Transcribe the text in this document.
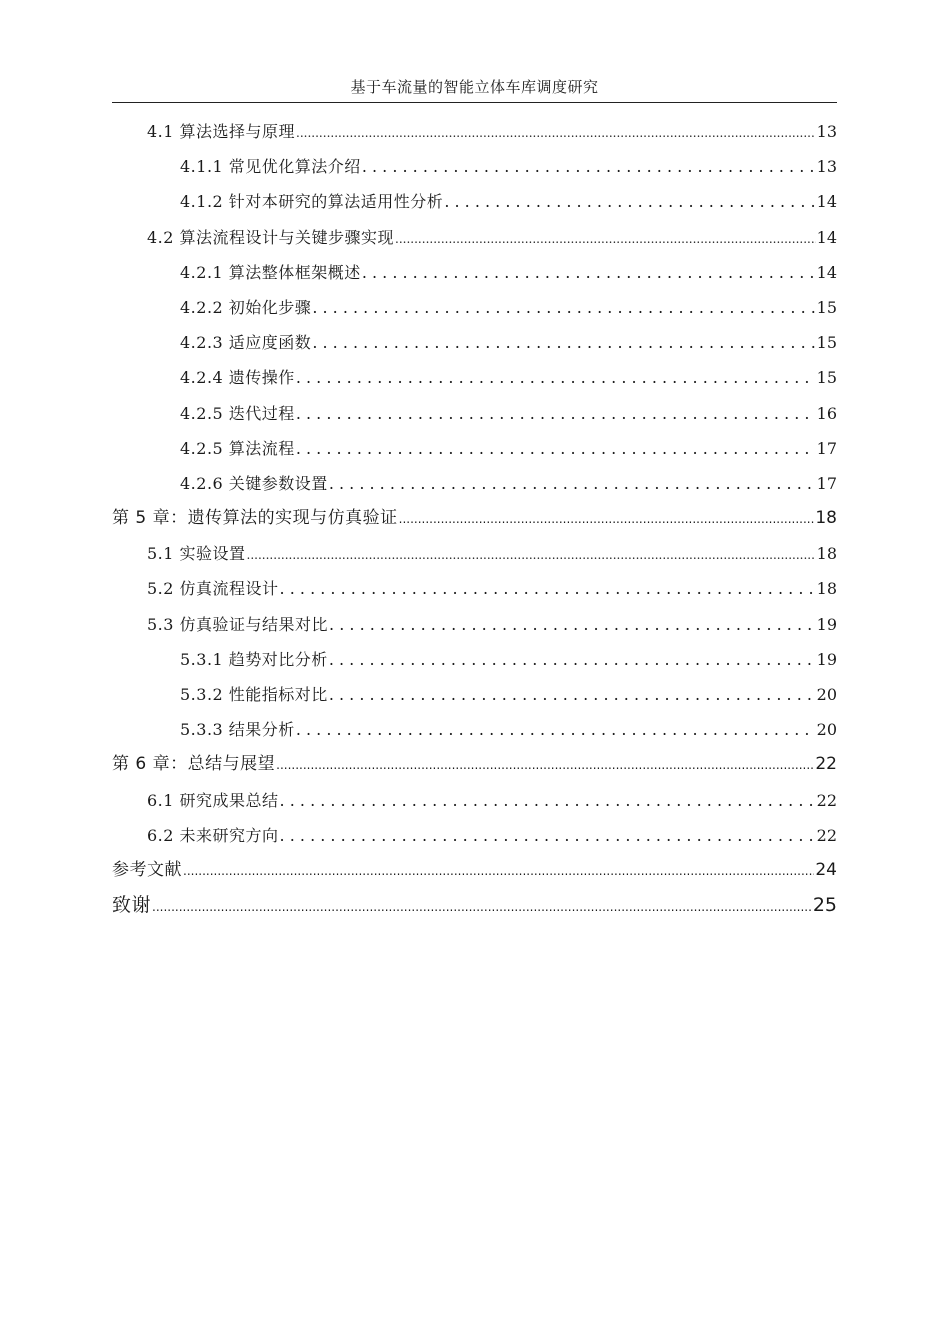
基于车流量的智能立体车库调度研究
4.1 算法选择与原理 .....	13
4.1.1 常见优化算法介绍 . . .	13
4.1.2 针对本研究的算法适用性分析 . . .	14
4.2 算法流程设计与关键步骤实现 .....	14
4.2.1 算法整体框架概述 . . .	14
4.2.2 初始化步骤 . . .	15
4.2.3 适应度函数 . . .	15
4.2.4 遗传操作 . . .	15
4.2.5 迭代过程 . . .	16
4.2.5 算法流程 . . .	17
4.2.6 关键参数设置 . . .	17
第 5 章：遗传算法的实现与仿真验证 .....	18
5.1 实验设置 .....	18
5.2 仿真流程设计 . . .	18
5.3 仿真验证与结果对比 . . .	19
5.3.1 趋势对比分析 . . .	19
5.3.2 性能指标对比 . . .	20
5.3.3 结果分析 . . .	20
第 6 章：总结与展望 .....	22
6.1 研究成果总结 . . .	22
6.2 未来研究方向 . . .	22
参考文献 .....	24
致谢 .....	25
